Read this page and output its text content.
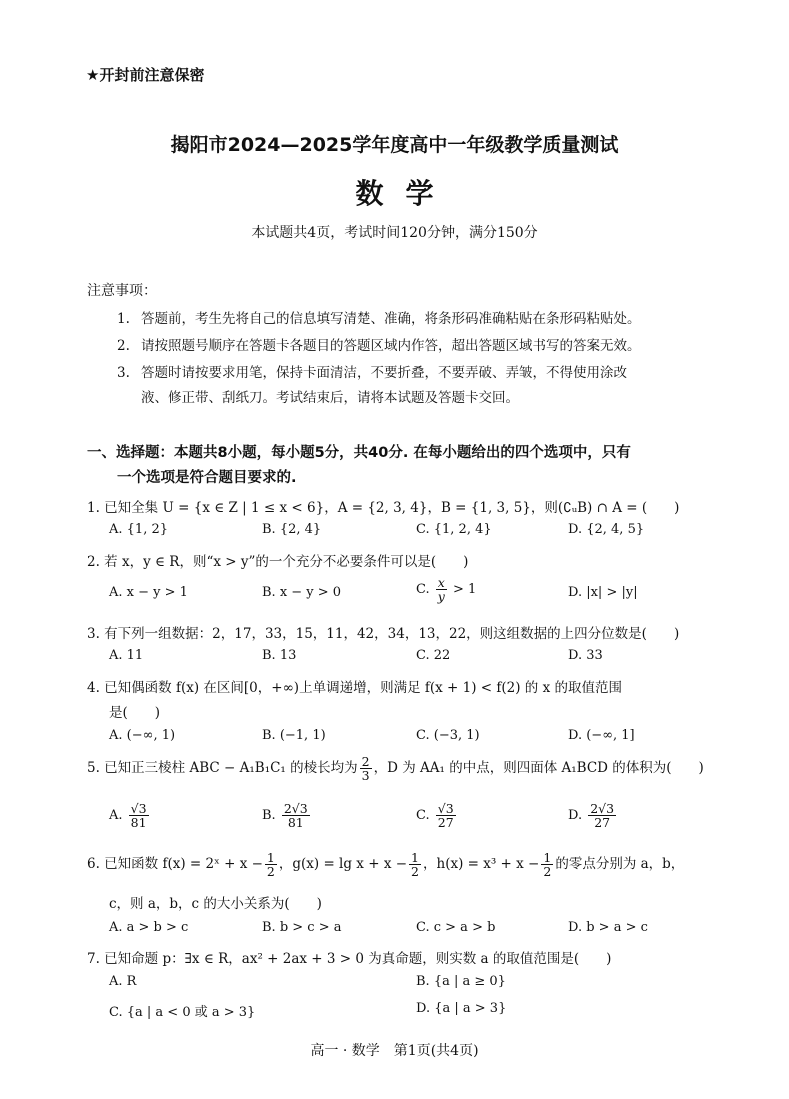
★开封前注意保密
揭阳市2024—2025学年度高中一年级教学质量测试
数学
本试题共4页，考试时间120分钟，满分150分
注意事项：
1. 答题前，考生先将自己的信息填写清楚、准确，将条形码准确粘贴在条形码粘贴处。
2. 请按照题号顺序在答题卡各题目的答题区域内作答，超出答题区域书写的答案无效。
3. 答题时请按要求用笔，保持卡面清洁，不要折叠，不要弄破、弄皱，不得使用涂改
液、修正带、刮纸刀。考试结束后，请将本试题及答题卡交回。
一、选择题：本题共8小题，每小题5分，共40分. 在每小题给出的四个选项中，只有
一个选项是符合题目要求的.
1. 已知全集 U = {x ∈ Z | 1 ≤ x < 6}，A = {2, 3, 4}，B = {1, 3, 5}，则(∁ᵤB) ∩ A = (　　)
A. {1, 2}	B. {2, 4}	C. {1, 2, 4}	D. {2, 4, 5}
2. 若 x，y ∈ R，则“x > y”的一个充分不必要条件可以是(　　)
A. x − y > 1	B. x − y > 0	C. $\frac{x}{y} > 1$	D. |x| > |y|
3. 有下列一组数据：2，17，33，15，11，42，34，13，22，则这组数据的上四分位数是(　　)
A. 11	B. 13	C. 22	D. 33
4. 已知偶函数 f(x) 在区间[0，+∞)上单调递增，则满足 f(x + 1) < f(2) 的 x 的取值范围
是(　　)
A. (−∞, 1)	B. (−1, 1)	C. (−3, 1)	D. (−∞, 1]
5. 已知正三棱柱 ABC − A₁B₁C₁ 的棱长均为 $\frac{2}{3}$ ，D 为 AA₁ 的中点，则四面体 A₁BCD 的体积为(　　)
A. $\frac{√3}{81}$	B. $\frac{2√3}{81}$	C. $\frac{√3}{27}$	D. $\frac{2√3}{27}$
6. 已知函数 f(x) = 2ˣ + $x - \frac{1}{2}$ ，$g(x) = \lg x + x - \frac{1}{2}$ ，$h(x) = x^3 + x - \frac{1}{2}$ 的零点分别为 a，b，
c，则 a，b，c 的大小关系为(　　)
A. a > b > c	B. b > c > a	C. c > a > b	D. b > a > c
7. 已知命题 p：∃x ∈ R，ax² + 2ax + 3 > 0 为真命题，则实数 a 的取值范围是(　　)
A. R	B. {a | a ≥ 0}
C. {a | a < 0 或 a > 3}	D. {a | a > 3}
高一 · 数学　第1页(共4页)
